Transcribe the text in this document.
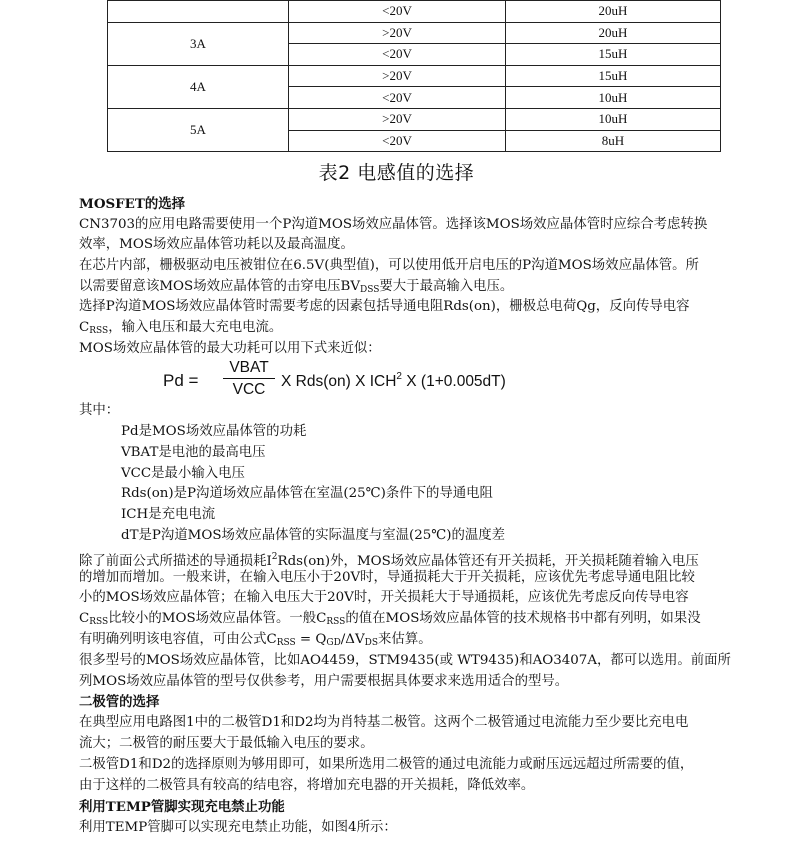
	<20V	20uH
3A	>20V	20uH
	<20V	15uH
4A	>20V	15uH
	<20V	10uH
5A	>20V	10uH
	<20V	8uH
表2 电感值的选择
MOSFET的选择
CN3703的应用电路需要使用一个P沟道MOS场效应晶体管。选择该MOS场效应晶体管时应综合考虑转换
效率，MOS场效应晶体管功耗以及最高温度。
在芯片内部，栅极驱动电压被钳位在6.5V(典型值)，可以使用低开启电压的P沟道MOS场效应晶体管。所
以需要留意该MOS场效应晶体管的击穿电压$BV_{DSS}$要大于最高输入电压。
选择P沟道MOS场效应晶体管时需要考虑的因素包括导通电阻Rds(on)，栅极总电荷Qg，反向传导电容
$C_{RSS}$，输入电压和最大充电电流。
MOS场效应晶体管的最大功耗可以用下式来近似：
Pd =
VBAT
VCC	X Rds(on) X ICH$^2$ X (1+0.005dT)
其中：
Pd是MOS场效应晶体管的功耗
VBAT是电池的最高电压
VCC是最小输入电压
Rds(on)是P沟道场效应晶体管在室温(25℃)条件下的导通电阻
ICH是充电电流
dT是P沟道MOS场效应晶体管的实际温度与室温(25℃)的温度差
除了前面公式所描述的导通损耗$I^2Rds(on)$外，MOS场效应晶体管还有开关损耗，开关损耗随着输入电压
的增加而增加。一般来讲，在输入电压小于20V时，导通损耗大于开关损耗，应该优先考虑导通电阻比较
小的MOS场效应晶体管；在输入电压大于20V时，开关损耗大于导通损耗，应该优先考虑反向传导电容
$C_{RSS}$比较小的MOS场效应晶体管。一般$C_{RSS}$的值在MOS场效应晶体管的技术规格书中都有列明，如果没
有明确列明该电容值，可由公式$C_{RSS} = Q_{GD}/\Delta V_{DS}$来估算。
很多型号的MOS场效应晶体管，比如AO4459，STM9435(或 WT9435)和AO3407A，都可以选用。前面所
列MOS场效应晶体管的型号仅供参考，用户需要根据具体要求来选用适合的型号。
二极管的选择
在典型应用电路图1中的二极管D1和D2均为肖特基二极管。这两个二极管通过电流能力至少要比充电电
流大；二极管的耐压要大于最低输入电压的要求。
二极管D1和D2的选择原则为够用即可，如果所选用二极管的通过电流能力或耐压远远超过所需要的值，
由于这样的二极管具有较高的结电容，将增加充电器的开关损耗，降低效率。
利用TEMP管脚实现充电禁止功能
利用TEMP管脚可以实现充电禁止功能，如图4所示：
